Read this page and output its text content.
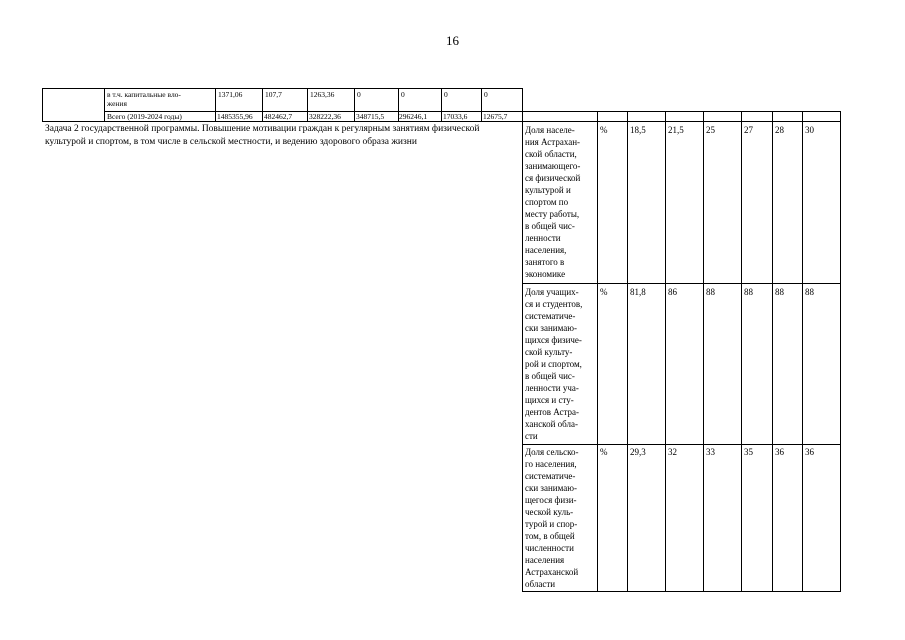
16
в т.ч. капитальные вло-
жения
1371,06	107,7	1263,36	0	0	0	0
Всего (2019-2024 годы)	1485355,96	482462,7	328222,36	348715,5	296246,1	17033,6	12675,7
Задача 2 государственной программы. Повышение мотивации граждан к регулярным занятиям физической культурой и спортом, в том числе в сельской местности, и ведению здорового образа жизни
Доля населе-
ния Астрахан-
ской области,
занимающего-
ся физической
культурой и
спортом по
месту работы,
в общей чис-
ленности
населения,
занятого в
экономике
%	18,5	21,5	25	27	28	30
Доля учащих-
ся и студентов,
систематиче-
ски занимаю-
щихся физиче-
ской культу-
рой и спортом,
в общей чис-
ленности уча-
щихся и сту-
дентов Астра-
ханской обла-
сти
%	81,8	86	88	88	88	88
Доля сельско-
го населения,
систематиче-
ски занимаю-
щегося физи-
ческой куль-
турой и спор-
том, в общей
численности
населения
Астраханской
области
%	29,3	32	33	35	36	36
